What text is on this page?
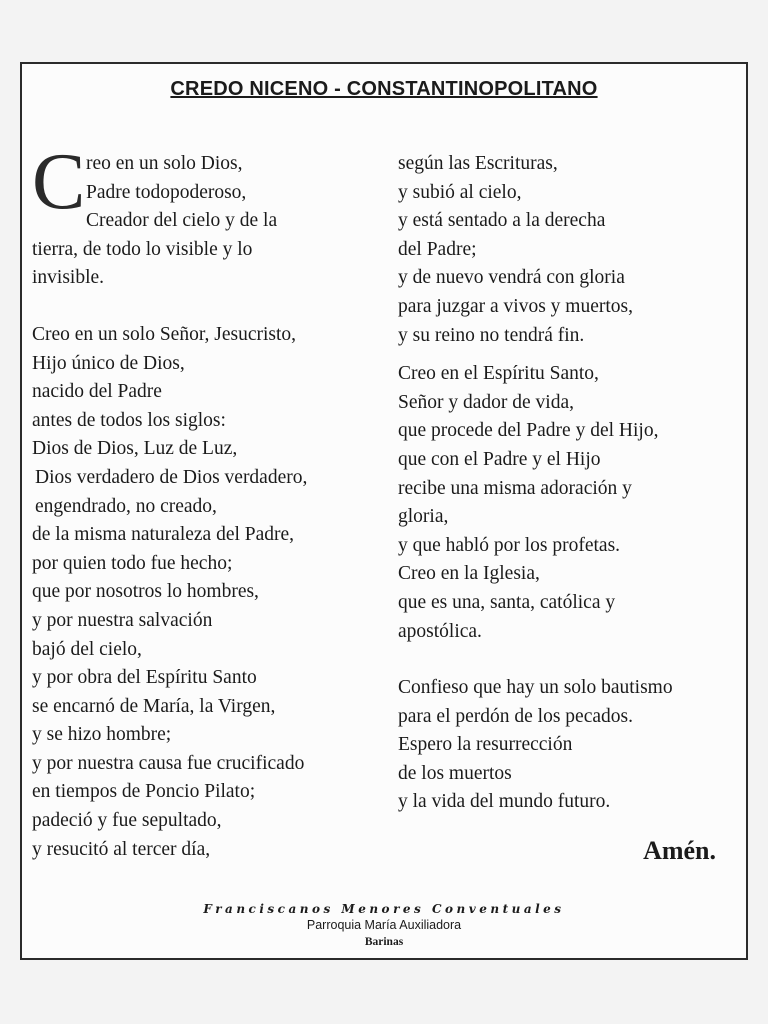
CREDO NICENO - CONSTANTINOPOLITANO
C reo en un solo Dios,
Padre todopoderoso,
Creador del cielo y de la
tierra, de todo lo visible y lo
invisible.
Creo en un solo Señor, Jesucristo,
Hijo único de Dios,
nacido del Padre
antes de todos los siglos:
Dios de Dios, Luz de Luz,
Dios verdadero de Dios verdadero,
engendrado, no creado,
de la misma naturaleza del Padre,
por quien todo fue hecho;
que por nosotros lo hombres,
y por nuestra salvación
bajó del cielo,
y por obra del Espíritu Santo
se encarnó de María, la Virgen,
y se hizo hombre;
y por nuestra causa fue crucificado
en tiempos de Poncio Pilato;
padeció y fue sepultado,
y resucitó al tercer día,
según las Escrituras,
y subió al cielo,
y está sentado a la derecha
del Padre;
y de nuevo vendrá con gloria
para juzgar a vivos y muertos,
y su reino no tendrá fin.
Creo en el Espíritu Santo,
Señor y dador de vida,
que procede del Padre y del Hijo,
que con el Padre y el Hijo
recibe una misma adoración y
gloria,
y que habló por los profetas.
Creo en la Iglesia,
que es una, santa, católica y
apostólica.
Confieso que hay un solo bautismo
para el perdón de los pecados.
Espero la resurrección
de los muertos
y la vida del mundo futuro.
Amén.
Franciscanos Menores Conventuales
Parroquia María Auxiliadora
Barinas
